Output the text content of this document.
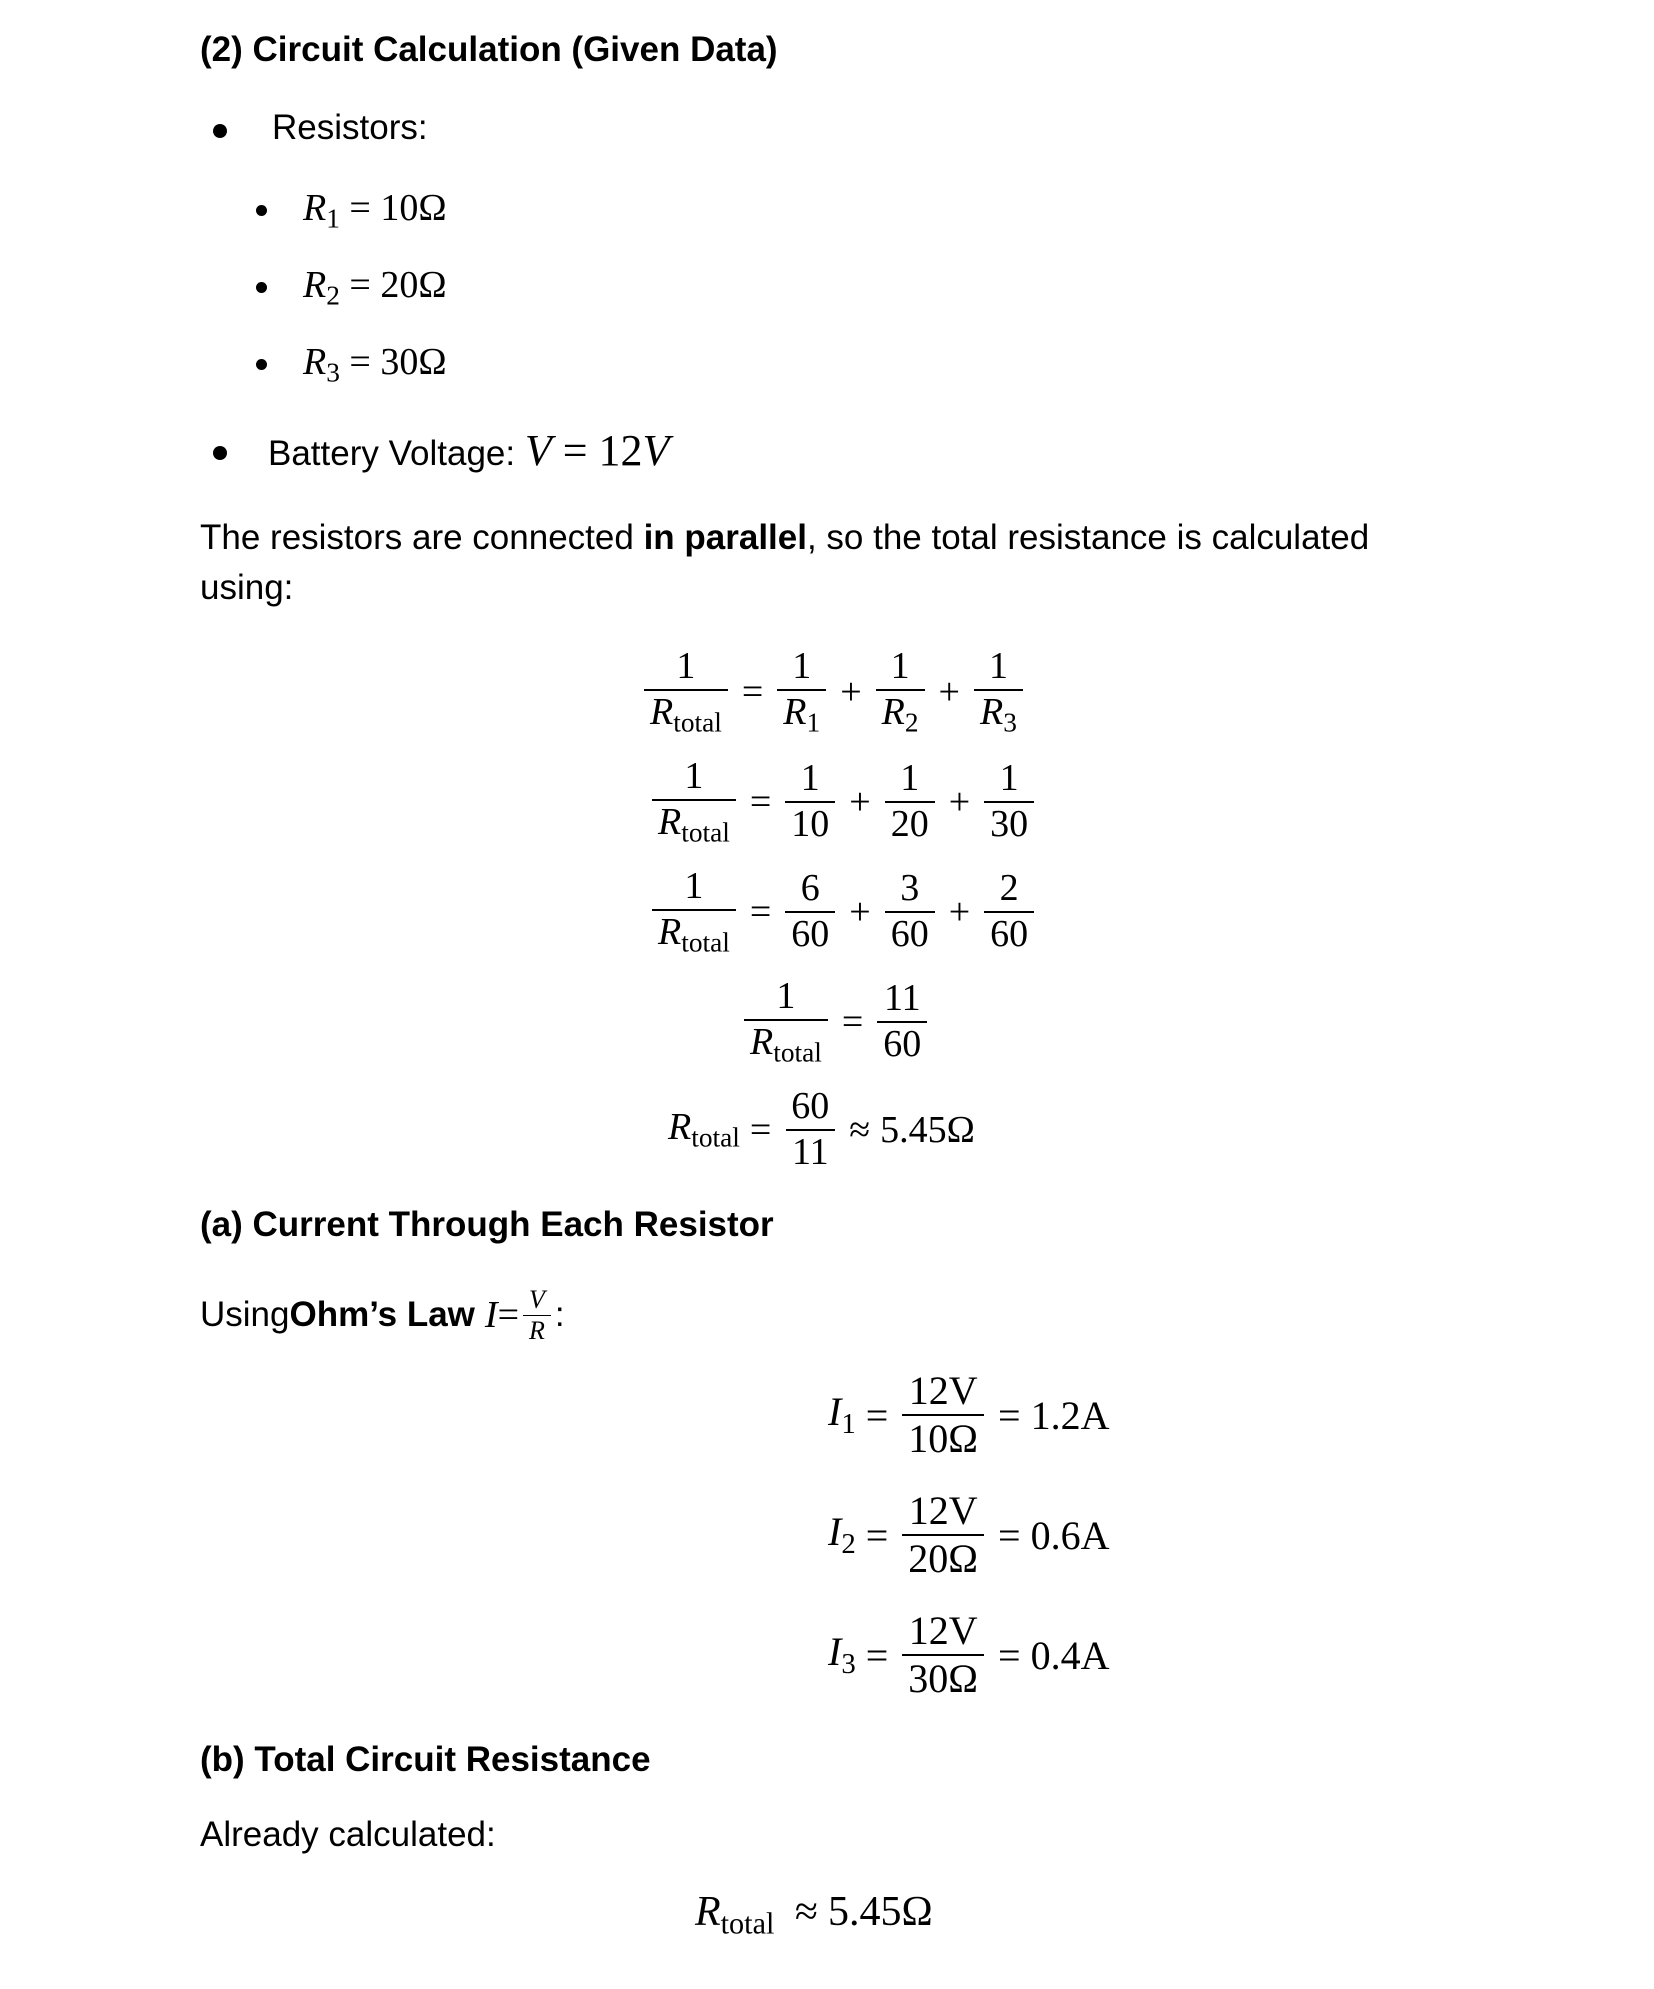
(2) Circuit Calculation (Given Data)
Resistors:
$R_1 = 10\Omega$
$R_2 = 20\Omega$
$R_3 = 30\Omega$
Battery Voltage: V = 12V
The resistors are connected in parallel, so the total resistance is calculated
using:
$\frac{1}{R_{total}} = \frac{1}{R_1} + \frac{1}{R_2} + \frac{1}{R_3}$
$\frac{1}{R_{total}} = \frac{1}{10} + \frac{1}{20} + \frac{1}{30}$
$\frac{1}{R_{total}} = \frac{6}{60} + \frac{3}{60} + \frac{2}{60}$
$\frac{1}{R_{total}} = \frac{11}{60}$
$R_{total} = \frac{60}{11} \approx 5.45\Omega$
(a) Current Through Each Resistor
Using Ohm’s Law $I = \frac{V}{R}$ :
$I_1 = \frac{12V}{10\Omega} = 1.2A$
$I_2 = \frac{12V}{20\Omega} = 0.6A$
$I_3 = \frac{12V}{30\Omega} = 0.4A$
(b) Total Circuit Resistance
Already calculated:
$R_{total} \approx 5.45\Omega$
